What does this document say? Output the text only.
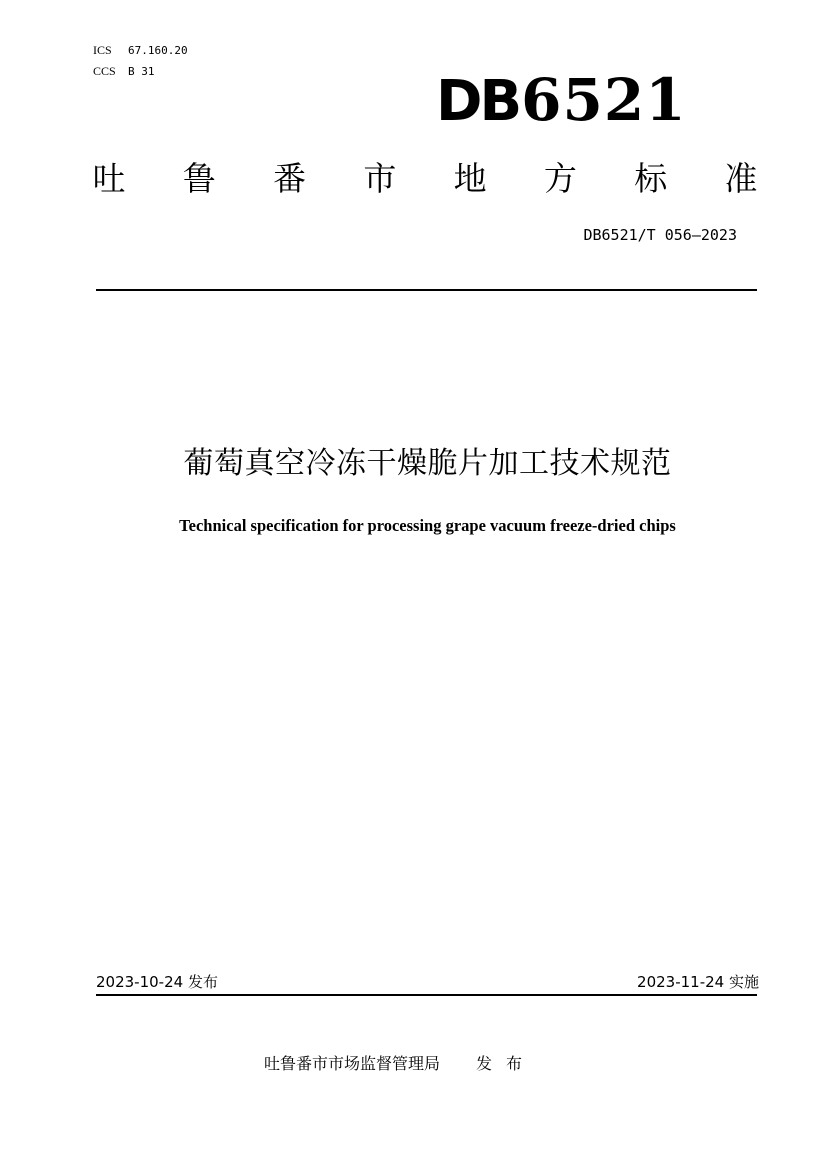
ICS	67.160.20
CCS	B 31	DB6521
吐 鲁 番 市 地 方 标 准
DB6521/T 056—2023
葡萄真空冷冻干燥脆片加工技术规范
Technical specification for processing grape vacuum freeze-dried chips
2023-10-24 发布	2023-11-24 实施
吐鲁番市市场监督管理局 发布
